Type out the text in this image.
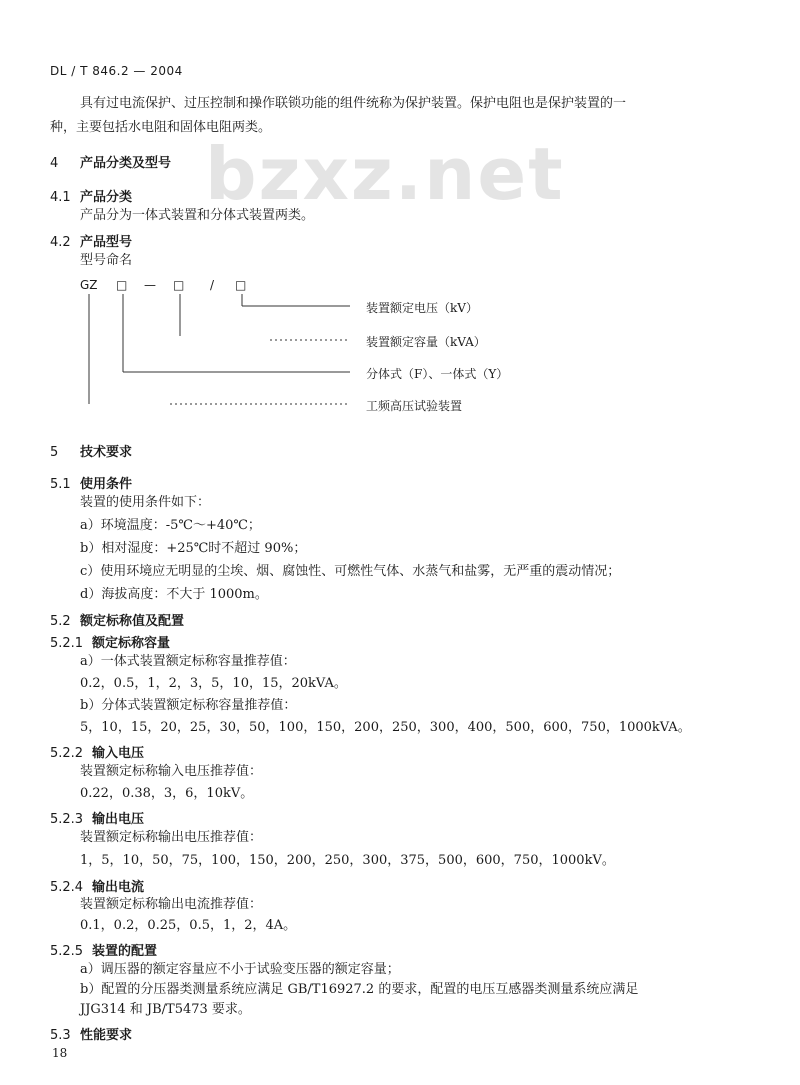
DL / T 846.2 — 2004
bzxz.net
具有过电流保护、过压控制和操作联锁功能的组件统称为保护装置。保护电阻也是保护装置的一
种，主要包括水电阻和固体电阻两类。
4 产品分类及型号
4.1 产品分类
产品分为一体式装置和分体式装置两类。
4.2 产品型号
型号命名
GZ □ — □ / □
装置额定电压（kV）
装置额定容量（kVA）
分体式（F）、一体式（Y）
工频高压试验装置
5 技术要求
5.1 使用条件
装置的使用条件如下：
a）环境温度：-5℃～+40℃；
b）相对湿度：+25℃时不超过 90%；
c）使用环境应无明显的尘埃、烟、腐蚀性、可燃性气体、水蒸气和盐雾，无严重的震动情况；
d）海拔高度：不大于 1000m。
5.2 额定标称值及配置
5.2.1 额定标称容量
a）一体式装置额定标称容量推荐值：
0.2，0.5，1，2，3，5，10，15，20kVA。
b）分体式装置额定标称容量推荐值：
5，10，15，20，25，30，50，100，150，200，250，300，400，500，600，750，1000kVA。
5.2.2 输入电压
装置额定标称输入电压推荐值：
0.22，0.38，3，6，10kV。
5.2.3 输出电压
装置额定标称输出电压推荐值：
1，5，10，50，75，100，150，200，250，300，375，500，600，750，1000kV。
5.2.4 输出电流
装置额定标称输出电流推荐值：
0.1，0.2，0.25，0.5，1，2，4A。
5.2.5 装置的配置
a）调压器的额定容量应不小于试验变压器的额定容量；
b）配置的分压器类测量系统应满足 GB/T16927.2 的要求，配置的电压互感器类测量系统应满足
JJG314 和 JB/T5473 要求。
5.3 性能要求
18
